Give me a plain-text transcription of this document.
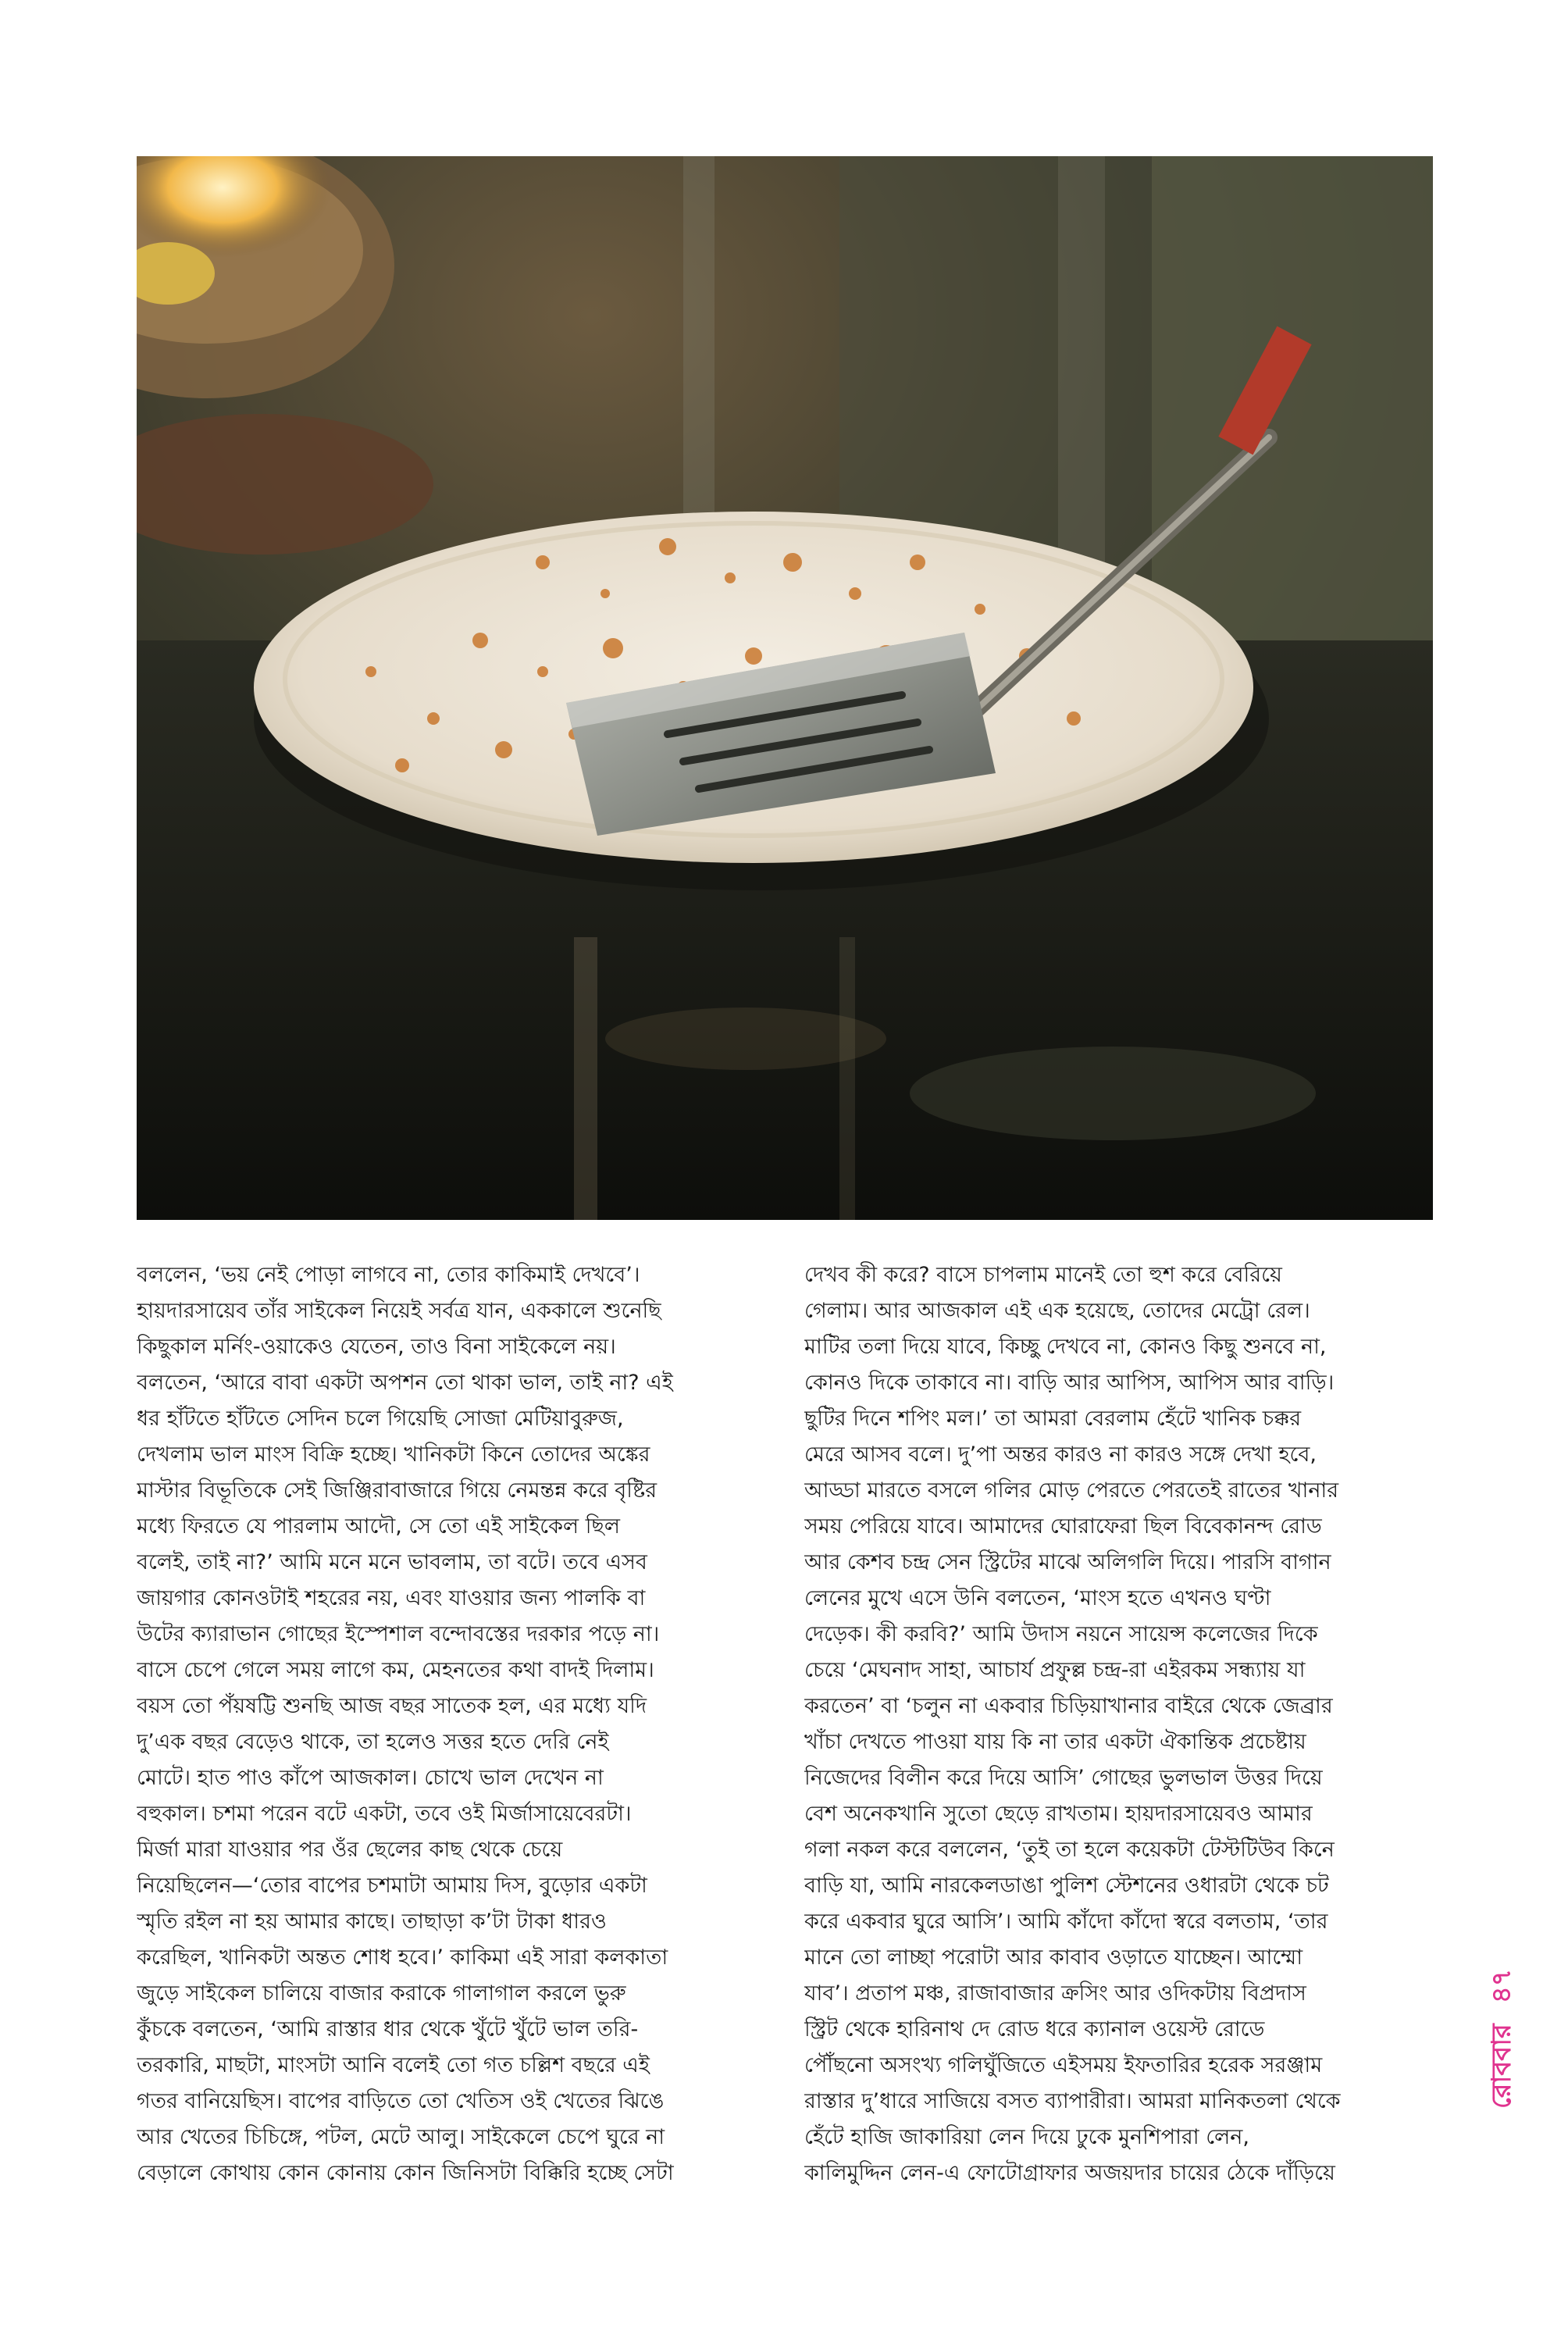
বললেন, ‘ভয় নেই পোড়া লাগবে না, তোর কাকিমাই দেখবে’।
হায়দারসায়েব তাঁর সাইকেল নিয়েই সর্বত্র যান, এককালে শুনেছি
কিছুকাল মর্নিং-ওয়াকেও যেতেন, তাও বিনা সাইকেলে নয়।
বলতেন, ‘আরে বাবা একটা অপশন তো থাকা ভাল, তাই না? এই
ধর হাঁটতে হাঁটতে সেদিন চলে গিয়েছি সোজা মেটিয়াবুরুজ,
দেখলাম ভাল মাংস বিক্রি হচ্ছে। খানিকটা কিনে তোদের অঙ্কের
মাস্টার বিভূতিকে সেই জিঞ্জিরাবাজারে গিয়ে নেমন্তন্ন করে বৃষ্টির
মধ্যে ফিরতে যে পারলাম আদৌ, সে তো এই সাইকেল ছিল
বলেই, তাই না?’ আমি মনে মনে ভাবলাম, তা বটে। তবে এসব
জায়গার কোনওটাই শহরের নয়, এবং যাওয়ার জন্য পালকি বা
উটের ক্যারাভান গোছের ইস্পেশাল বন্দোবস্তের দরকার পড়ে না।
বাসে চেপে গেলে সময় লাগে কম, মেহনতের কথা বাদই দিলাম।
বয়স তো পঁয়ষট্টি শুনছি আজ বছর সাতেক হল, এর মধ্যে যদি
দু’এক বছর বেড়েও থাকে, তা হলেও সত্তর হতে দেরি নেই
মোটে। হাত পাও কাঁপে আজকাল। চোখে ভাল দেখেন না
বহুকাল। চশমা পরেন বটে একটা, তবে ওই মির্জাসায়েবেরটা।
মির্জা মারা যাওয়ার পর ওঁর ছেলের কাছ থেকে চেয়ে
নিয়েছিলেন—‘তোর বাপের চশমাটা আমায় দিস, বুড়োর একটা
স্মৃতি রইল না হয় আমার কাছে। তাছাড়া ক’টা টাকা ধারও
করেছিল, খানিকটা অন্তত শোধ হবে।’ কাকিমা এই সারা কলকাতা
জুড়ে সাইকেল চালিয়ে বাজার করাকে গালাগাল করলে ভুরু
কুঁচকে বলতেন, ‘আমি রাস্তার ধার থেকে খুঁটে খুঁটে ভাল তরি-
তরকারি, মাছটা, মাংসটা আনি বলেই তো গত চল্লিশ বছরে এই
গতর বানিয়েছিস। বাপের বাড়িতে তো খেতিস ওই খেতের ঝিঙে
আর খেতের চিচিঙ্গে, পটল, মেটে আলু। সাইকেলে চেপে ঘুরে না
বেড়ালে কোথায় কোন কোনায় কোন জিনিসটা বিক্কিরি হচ্ছে সেটা
দেখব কী করে? বাসে চাপলাম মানেই তো হুশ করে বেরিয়ে
গেলাম। আর আজকাল এই এক হয়েছে, তোদের মেট্রো রেল।
মাটির তলা দিয়ে যাবে, কিচ্ছু দেখবে না, কোনও কিছু শুনবে না,
কোনও দিকে তাকাবে না। বাড়ি আর আপিস, আপিস আর বাড়ি।
ছুটির দিনে শপিং মল।’ তা আমরা বেরলাম হেঁটে খানিক চক্কর
মেরে আসব বলে। দু’পা অন্তর কারও না কারও সঙ্গে দেখা হবে,
আড্ডা মারতে বসলে গলির মোড় পেরতে পেরতেই রাতের খানার
সময় পেরিয়ে যাবে। আমাদের ঘোরাফেরা ছিল বিবেকানন্দ রোড
আর কেশব চন্দ্র সেন স্ট্রিটের মাঝে অলিগলি দিয়ে। পারসি বাগান
লেনের মুখে এসে উনি বলতেন, ‘মাংস হতে এখনও ঘণ্টা
দেড়েক। কী করবি?’ আমি উদাস নয়নে সায়েন্স কলেজের দিকে
চেয়ে ‘মেঘনাদ সাহা, আচার্য প্রফুল্ল চন্দ্র-রা এইরকম সন্ধ্যায় যা
করতেন’ বা ‘চলুন না একবার চিড়িয়াখানার বাইরে থেকে জেব্রার
খাঁচা দেখতে পাওয়া যায় কি না তার একটা ঐকান্তিক প্রচেষ্টায়
নিজেদের বিলীন করে দিয়ে আসি’ গোছের ভুলভাল উত্তর দিয়ে
বেশ অনেকখানি সুতো ছেড়ে রাখতাম। হায়দারসায়েবও আমার
গলা নকল করে বললেন, ‘তুই তা হলে কয়েকটা টেস্টটিউব কিনে
বাড়ি যা, আমি নারকেলডাঙা পুলিশ স্টেশনের ওধারটা থেকে চট
করে একবার ঘুরে আসি’। আমি কাঁদো কাঁদো স্বরে বলতাম, ‘তার
মানে তো লাচ্ছা পরোটা আর কাবাব ওড়াতে যাচ্ছেন। আম্মো
যাব’। প্রতাপ মঞ্চ, রাজাবাজার ক্রসিং আর ওদিকটায় বিপ্রদাস
স্ট্রিট থেকে হারিনাথ দে রোড ধরে ক্যানাল ওয়েস্ট রোডে
পৌঁছনো অসংখ্য গলিঘুঁজিতে এইসময় ইফতারির হরেক সরঞ্জাম
রাস্তার দু’ধারে সাজিয়ে বসত ব্যাপারীরা। আমরা মানিকতলা থেকে
হেঁটে হাজি জাকারিয়া লেন দিয়ে ঢুকে মুনশিপারা লেন,
কালিমুদ্দিন লেন-এ ফোটোগ্রাফার অজয়দার চায়ের ঠেকে দাঁড়িয়ে
রোববার
৪৭
